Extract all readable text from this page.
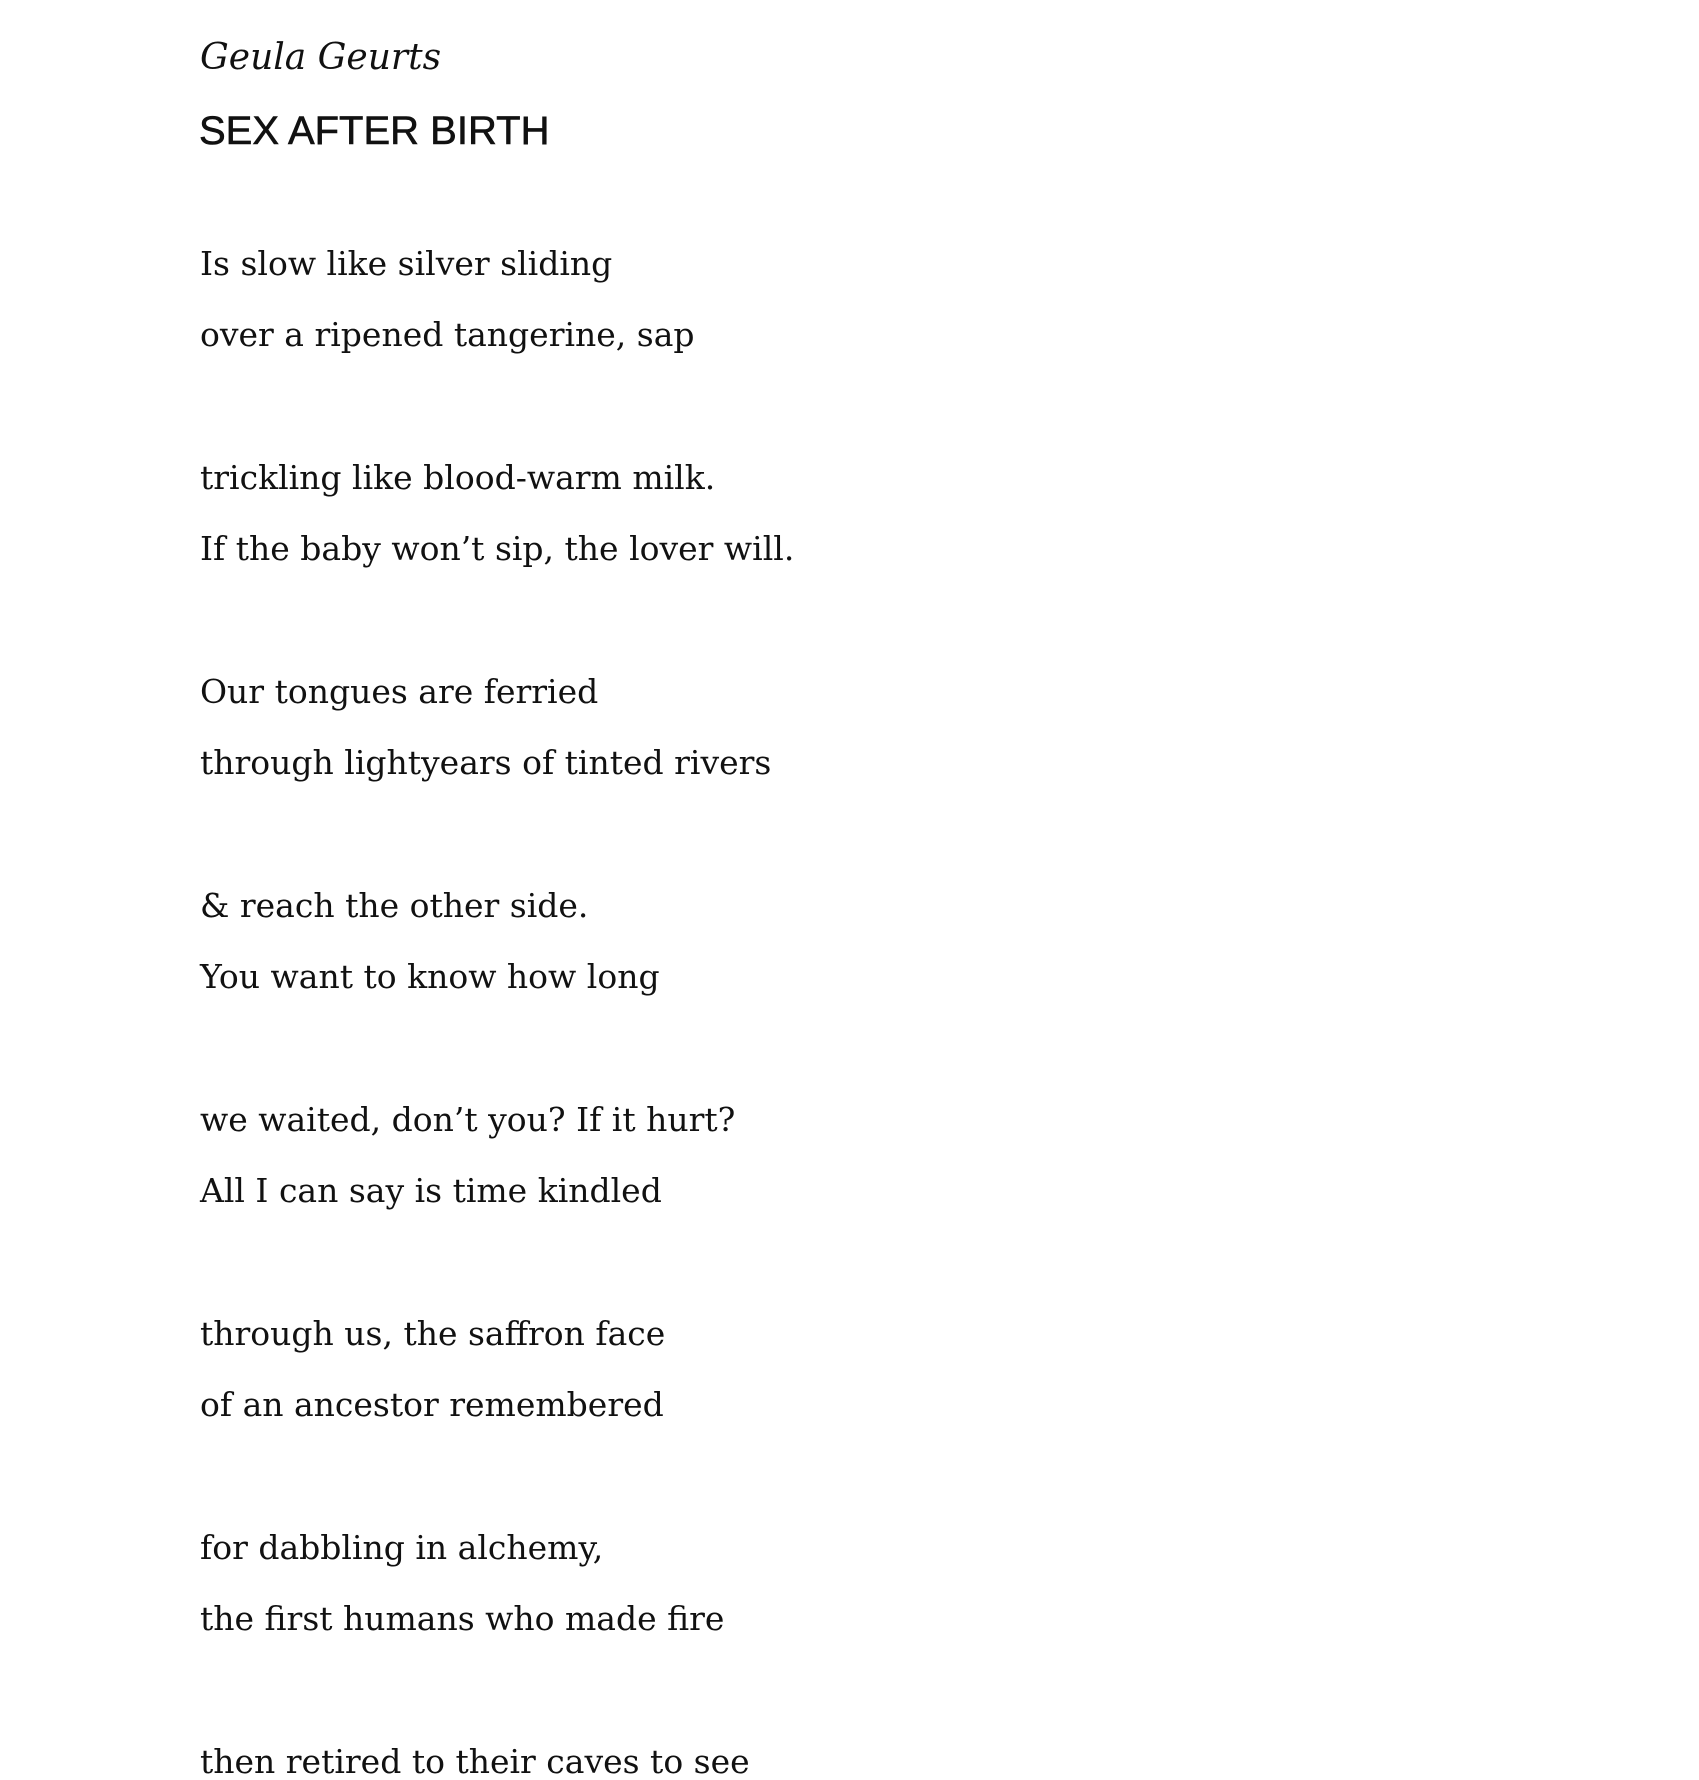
Geula Geurts

SEX AFTER BIRTH

Is slow like silver sliding

over a ripened tangerine, sap

trickling like blood-warm milk.

If the baby won’t sip, the lover will.

Our tongues are ferried

through lightyears of tinted rivers

& reach the other side.

You want to know how long

we waited, don’t you? If it hurt?

All I can say is time kindled

through us, the saffron face

of an ancestor remembered

for dabbling in alchemy,

the first humans who made fire

then retired to their caves to see
